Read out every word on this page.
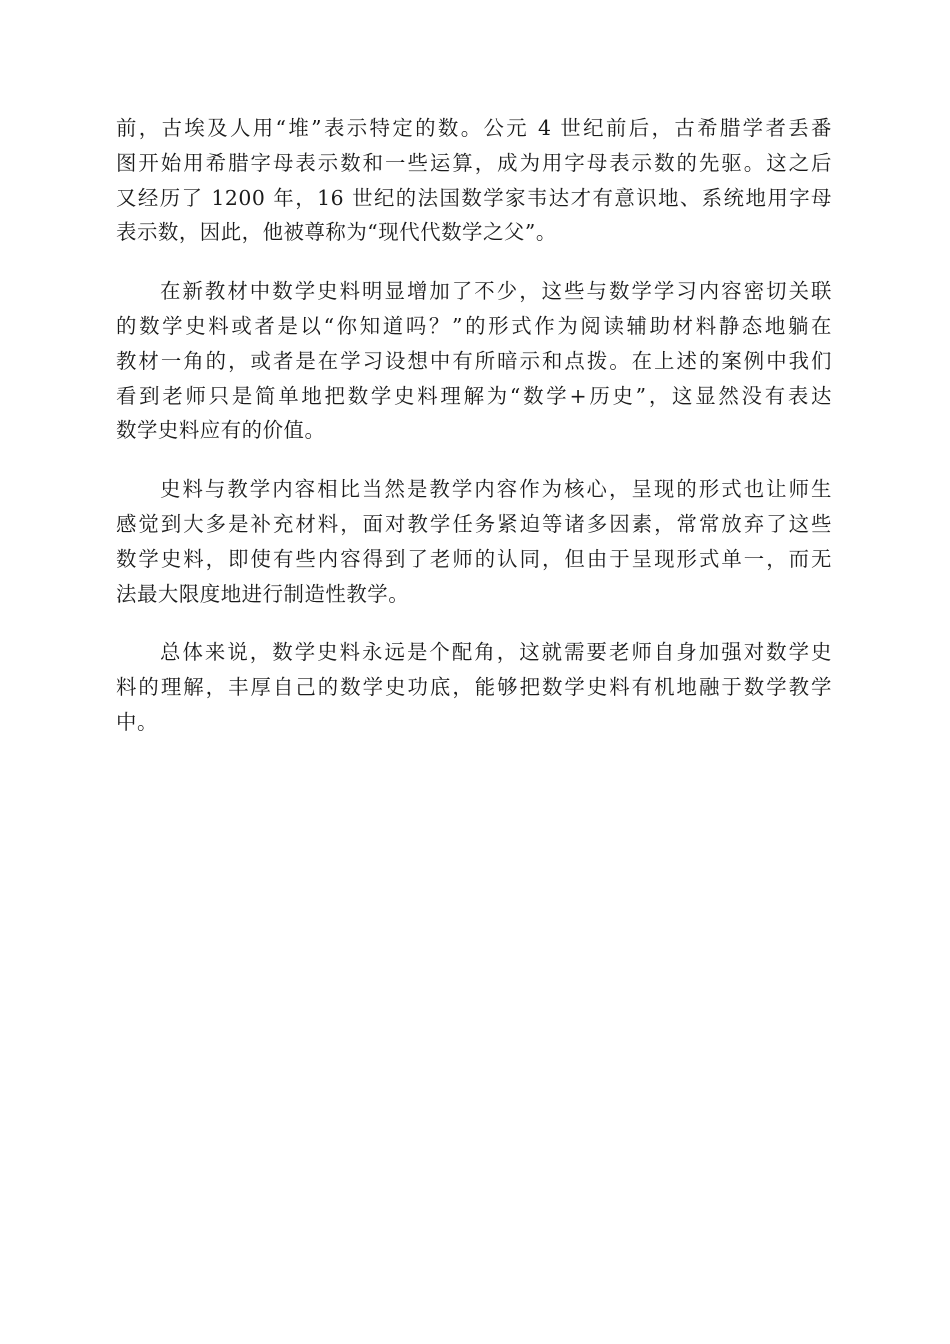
前，古埃及人用“堆”表示特定的数。公元 4 世纪前后，古希腊学者丢番
图开始用希腊字母表示数和一些运算，成为用字母表示数的先驱。这之后
又经历了 1200 年，16 世纪的法国数学家韦达才有意识地、系统地用字母
表示数，因此，他被尊称为“现代代数学之父”。
在新教材中数学史料明显增加了不少，这些与数学学习内容密切关联
的数学史料或者是以“你知道吗？”的形式作为阅读辅助材料静态地躺在
教材一角的，或者是在学习设想中有所暗示和点拨。在上述的案例中我们
看到老师只是简单地把数学史料理解为“数学+历史”，这显然没有表达
数学史料应有的价值。
史料与教学内容相比当然是教学内容作为核心，呈现的形式也让师生
感觉到大多是补充材料，面对教学任务紧迫等诸多因素，常常放弃了这些
数学史料，即使有些内容得到了老师的认同，但由于呈现形式单一，而无
法最大限度地进行制造性教学。
总体来说，数学史料永远是个配角，这就需要老师自身加强对数学史
料的理解，丰厚自己的数学史功底，能够把数学史料有机地融于数学教学
中。
